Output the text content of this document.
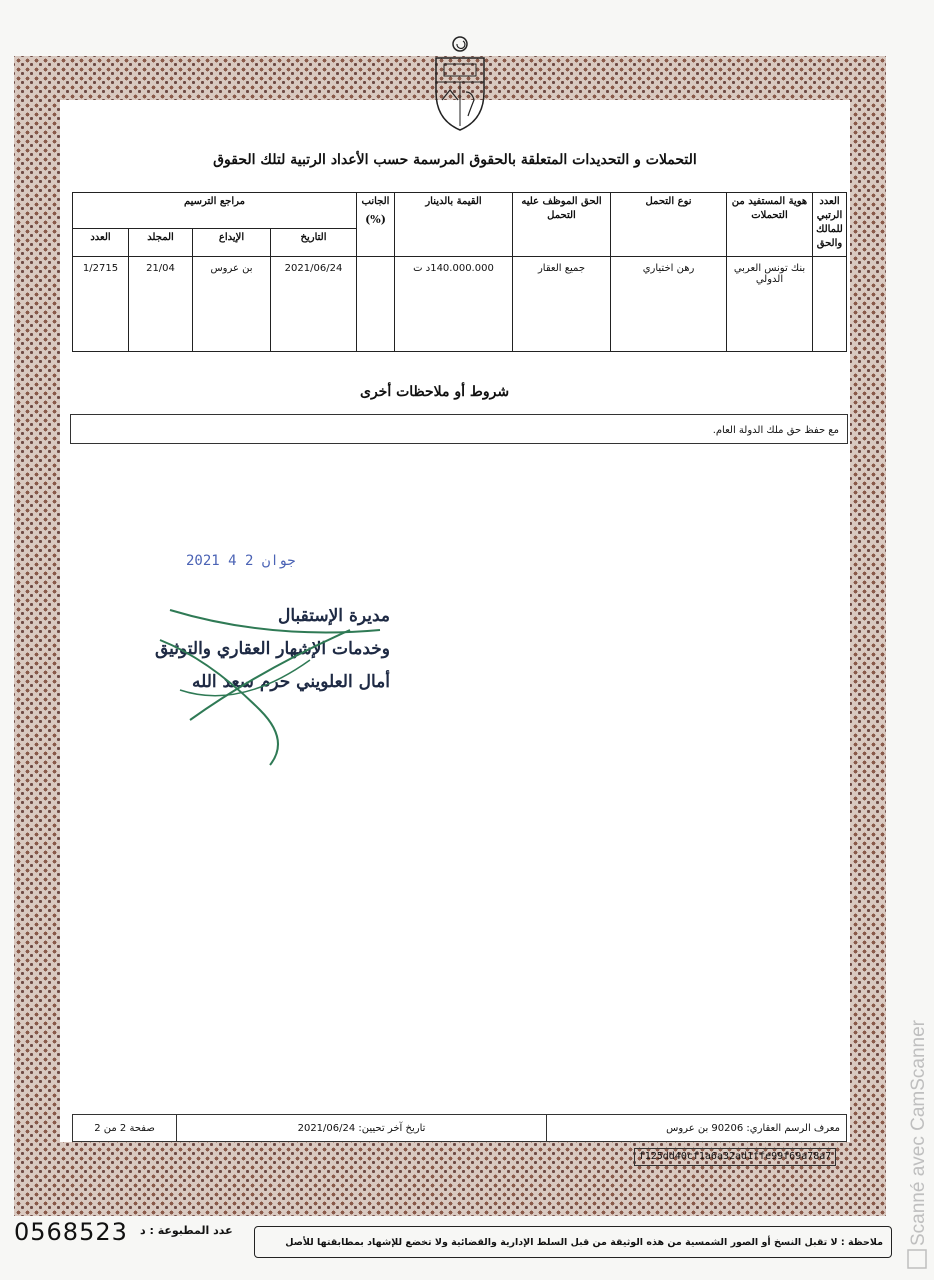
التحملات و التحديدات المتعلقة بالحقوق المرسمة حسب الأعداد الرتبية لتلك الحقوق
العدد الرتبي للمالك والحق	هوية المستفيد من التحملات	نوع التحمل	الحق الموظف عليه التحمل	القيمة بالدينار	الجانب
(%)	مراجع الترسيم			
						التاريخ	الإيداع	المجلد	العدد
	بنك تونس العربي الدولي	رهن اختياري	جميع العقار	140.000.000د ت		2021/06/24	بن عروس	21/04	1/2715
شروط أو ملاحظات أخرى
مع حفظ حق ملك الدولة العام.
2021 جوان 2 4
مديرة الإستقبال
وخدمات الإشهار العقاري والتوثيق
أمال العلويني حرم سعد الله
معرف الرسم العقاري: 90206 بن عروس	تاريخ آخر تحيين: 2021/06/24	صفحة 2 من 2
f125dd40cf1a6a32ad1ffe99f69a78a7
0568523 عدد المطبوعة : د
ملاحظة : لا تقبل النسخ أو الصور الشمسية من هذه الوثيقة من قبل السلط الإدارية والقضائية ولا تخضع للإشهاد بمطابقتها للأصل	Scanné avec CamScanner
